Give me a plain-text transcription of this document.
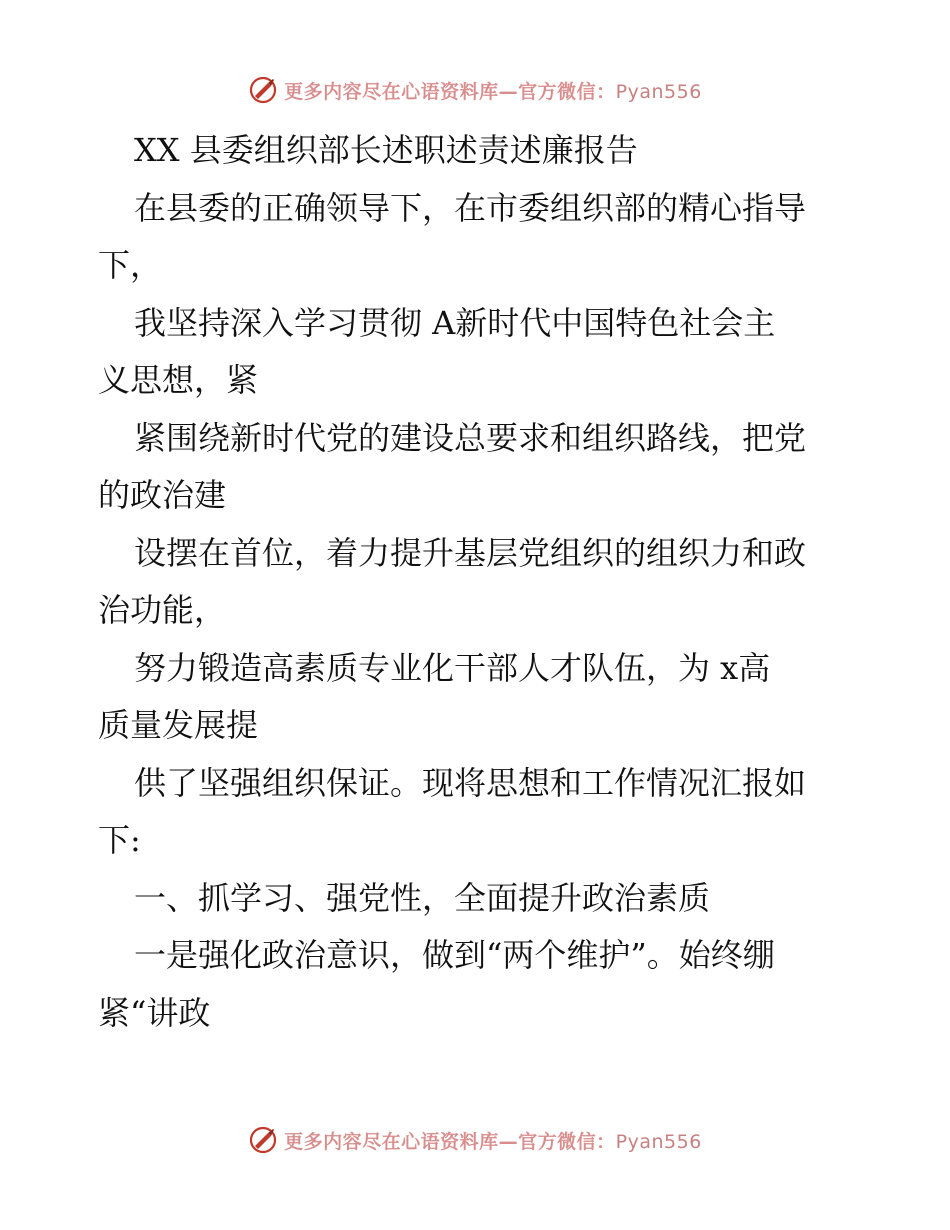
更多内容尽在心语资料库—官方微信：Pyan556
XX 县委组织部长述职述责述廉报告
在县委的正确领导下，在市委组织部的精心指导
下，
我坚持深入学习贯彻 A新时代中国特色社会主
义思想，紧
紧围绕新时代党的建设总要求和组织路线，把党
的政治建
设摆在首位，着力提升基层党组织的组织力和政
治功能，
努力锻造高素质专业化干部人才队伍，为 x高
质量发展提
供了坚强组织保证。现将思想和工作情况汇报如
下:
一、抓学习、强党性，全面提升政治素质
一是强化政治意识，做到“两个维护”。始终绷
紧“讲政
更多内容尽在心语资料库—官方微信：Pyan556
